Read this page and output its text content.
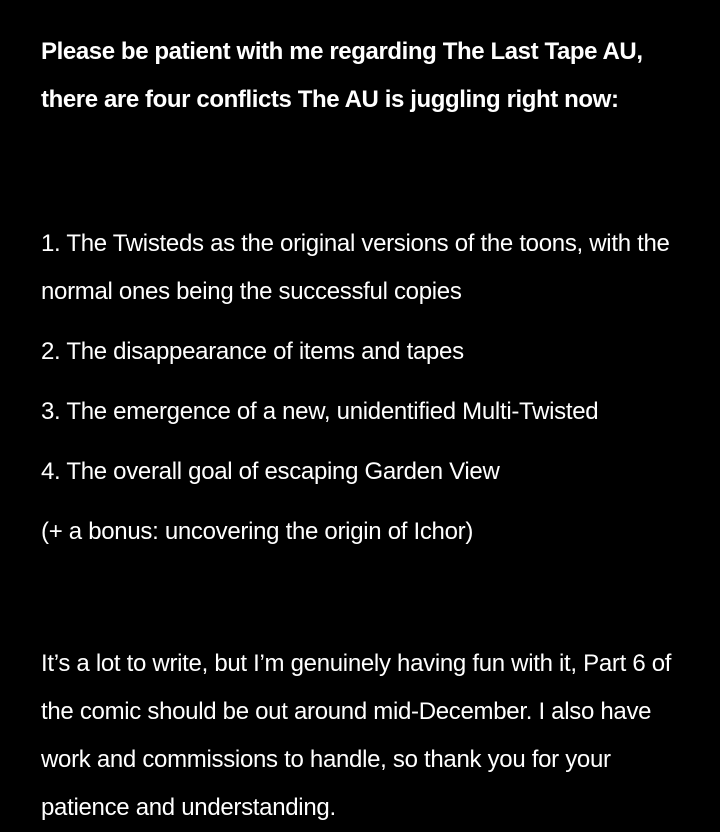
Please be patient with me regarding The Last Tape AU, there are four conflicts The AU is juggling right now:

1. The Twisteds as the original versions of the toons, with the normal ones being the successful copies
2. The disappearance of items and tapes
3. The emergence of a new, unidentified Multi-Twisted
4. The overall goal of escaping Garden View

(+ a bonus: uncovering the origin of Ichor)

It’s a lot to write, but I’m genuinely having fun with it, Part 6 of the comic should be out around mid-December. I also have work and commissions to handle, so thank you for your patience and understanding.
